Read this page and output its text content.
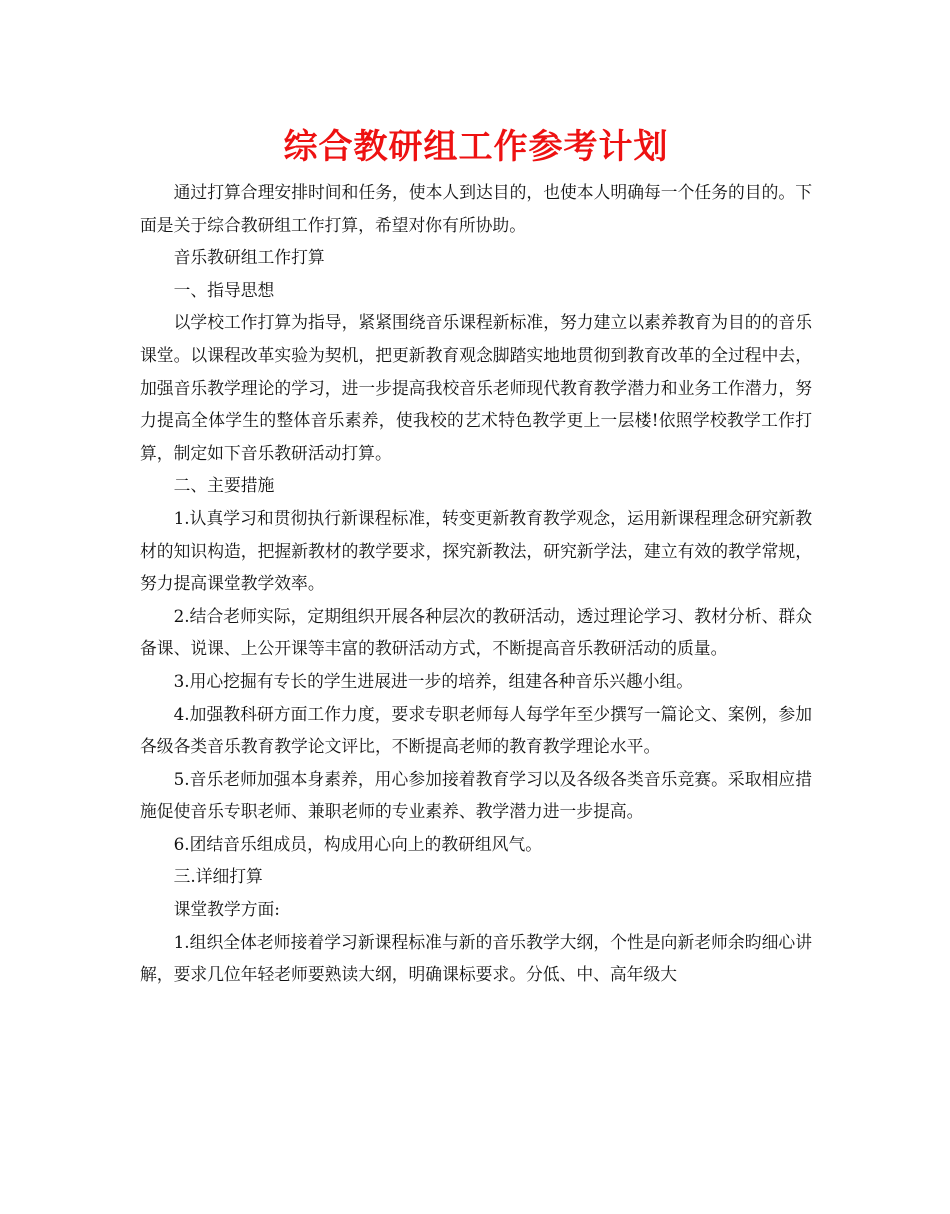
综合教研组工作参考计划

通过打算合理安排时间和任务，使本人到达目的，也使本人明确每一个任务的目的。下面是关于综合教研组工作打算，希望对你有所协助。

音乐教研组工作打算

一、指导思想

以学校工作打算为指导，紧紧围绕音乐课程新标准，努力建立以素养教育为目的的音乐课堂。以课程改革实验为契机，把更新教育观念脚踏实地地贯彻到教育改革的全过程中去，加强音乐教学理论的学习，进一步提高我校音乐老师现代教育教学潜力和业务工作潜力，努力提高全体学生的整体音乐素养，使我校的艺术特色教学更上一层楼!依照学校教学工作打算，制定如下音乐教研活动打算。

二、主要措施

1.认真学习和贯彻执行新课程标准，转变更新教育教学观念，运用新课程理念研究新教材的知识构造，把握新教材的教学要求，探究新教法，研究新学法，建立有效的教学常规，努力提高课堂教学效率。

2.结合老师实际，定期组织开展各种层次的教研活动，透过理论学习、教材分析、群众备课、说课、上公开课等丰富的教研活动方式，不断提高音乐教研活动的质量。

3.用心挖掘有专长的学生进展进一步的培养，组建各种音乐兴趣小组。

4.加强教科研方面工作力度，要求专职老师每人每学年至少撰写一篇论文、案例，参加各级各类音乐教育教学论文评比，不断提高老师的教育教学理论水平。

5.音乐老师加强本身素养，用心参加接着教育学习以及各级各类音乐竞赛。采取相应措施促使音乐专职老师、兼职老师的专业素养、教学潜力进一步提高。

6.团结音乐组成员，构成用心向上的教研组风气。

三.详细打算

课堂教学方面:

1.组织全体老师接着学习新课程标准与新的音乐教学大纲，个性是向新老师余昀细心讲解，要求几位年轻老师要熟读大纲，明确课标要求。分低、中、高年级大
